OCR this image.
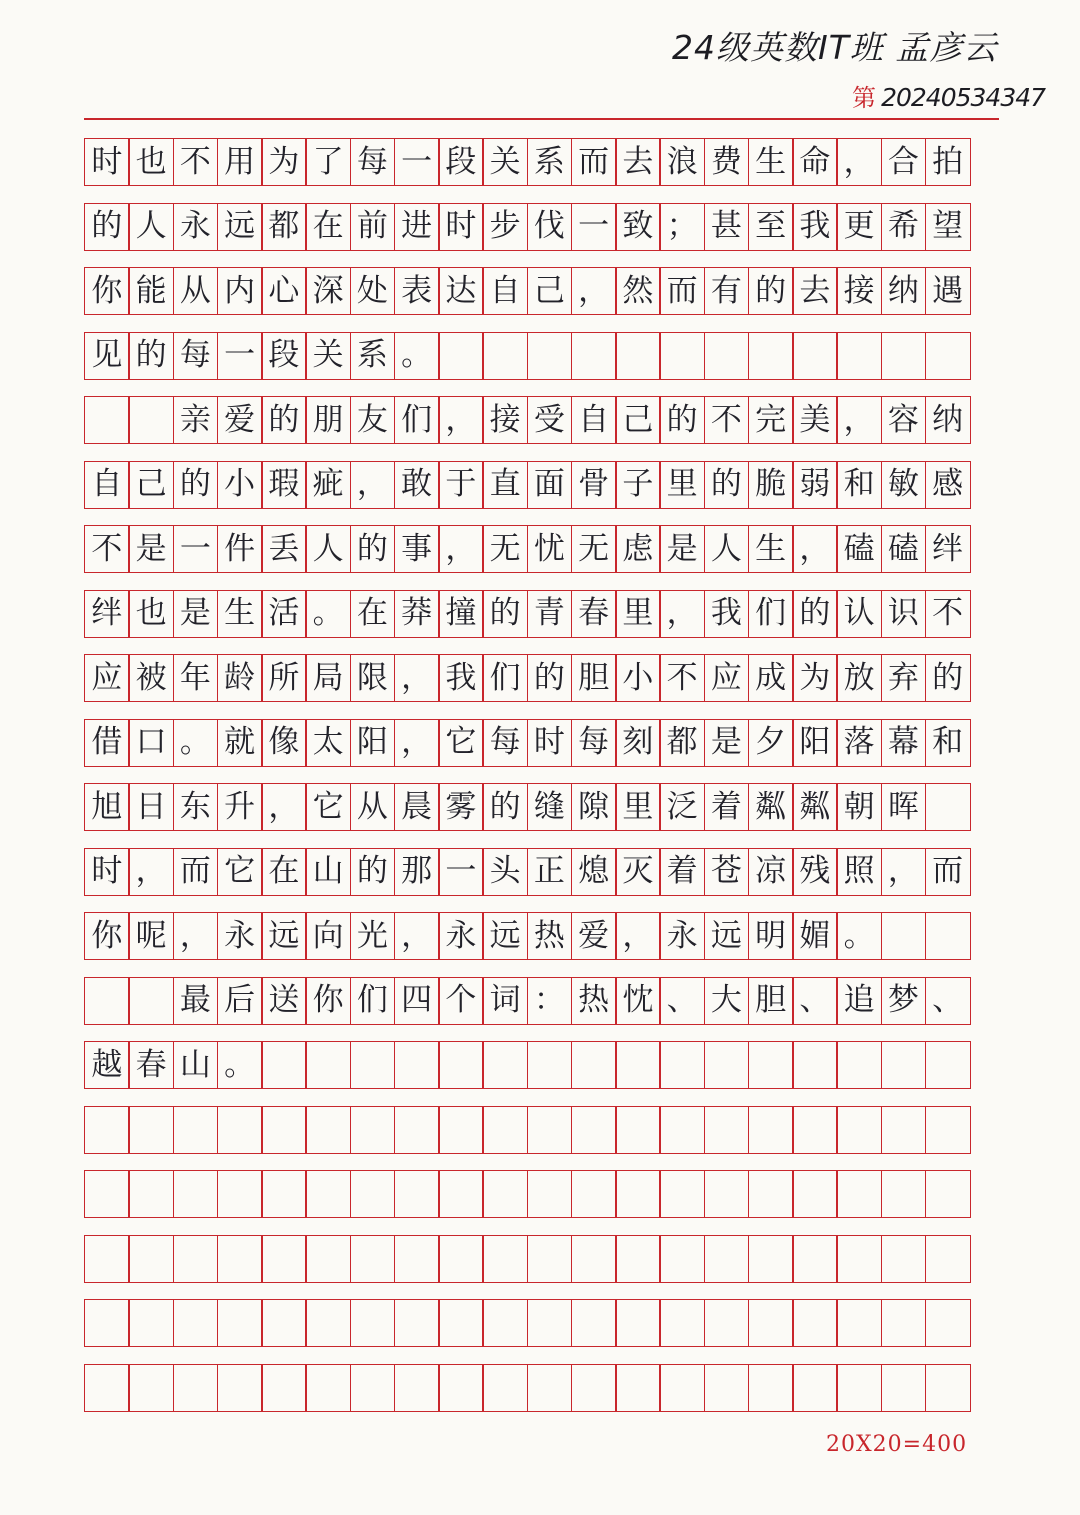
24级英数IT班 孟彦云
第 20240534347
时 也 不 用 为 了 每 一 段 关 系 而 去 浪 费 生 命 ， 合 拍
的 人 永 远 都 在 前 进 时 步 伐 一 致 ； 甚 至 我 更 希 望
你 能 从 内 心 深 处 表 达 自 己 ， 然 而 有 的 去 接 纳 遇
见 的 每 一 段 关 系 。
亲 爱 的 朋 友 们 ， 接 受 自 己 的 不 完 美 ， 容 纳
自 己 的 小 瑕 疵 ， 敢 于 直 面 骨 子 里 的 脆 弱 和 敏 感
不 是 一 件 丢 人 的 事 ， 无 忧 无 虑 是 人 生 ， 磕 磕 绊
绊 也 是 生 活 。 在 莽 撞 的 青 春 里 ， 我 们 的 认 识 不
应 被 年 龄 所 局 限 ， 我 们 的 胆 小 不 应 成 为 放 弃 的
借 口 。 就 像 太 阳 ， 它 每 时 每 刻 都 是 夕 阳 落 幕 和
旭 日 东 升 ， 它 从 晨 雾 的 缝 隙 里 泛 着 粼 粼 朝 晖
时 ， 而 它 在 山 的 那 一 头 正 熄 灭 着 苍 凉 残 照 ， 而
你 呢 ， 永 远 向 光 ， 永 远 热 爱 ， 永 远 明 媚 。
最 后 送 你 们 四 个 词 ： 热 忱 、 大 胆 、 追 梦 、
越 春 山 。
20X20=400
